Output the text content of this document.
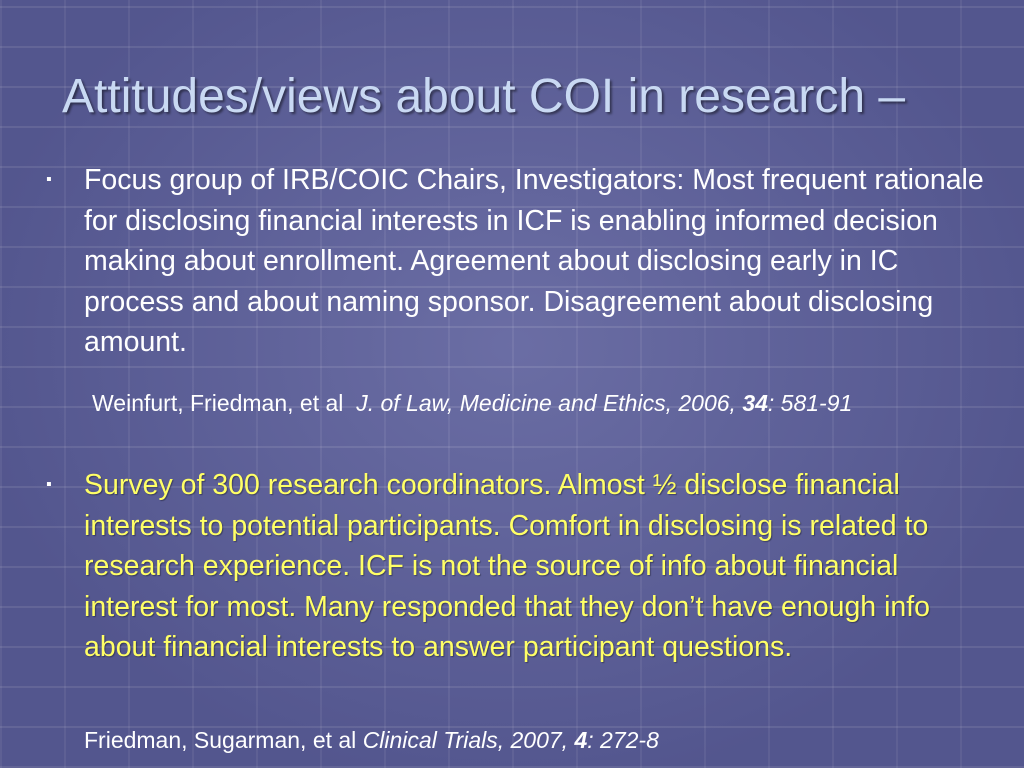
Attitudes/views about COI in research –
▪	Focus group of IRB/COIC Chairs, Investigators: Most frequent rationale for disclosing financial interests in ICF is enabling informed decision making about enrollment. Agreement about disclosing early in IC process and about naming sponsor. Disagreement about disclosing amount.

Weinfurt, Friedman, et al J. of Law, Medicine and Ethics, 2006, 34: 581-91

▪	Survey of 300 research coordinators. Almost ½ disclose financial interests to potential participants. Comfort in disclosing is related to research experience. ICF is not the source of info about financial interest for most. Many responded that they don’t have enough info about financial interests to answer participant questions.

Friedman, Sugarman, et al Clinical Trials, 2007, 4: 272-8
